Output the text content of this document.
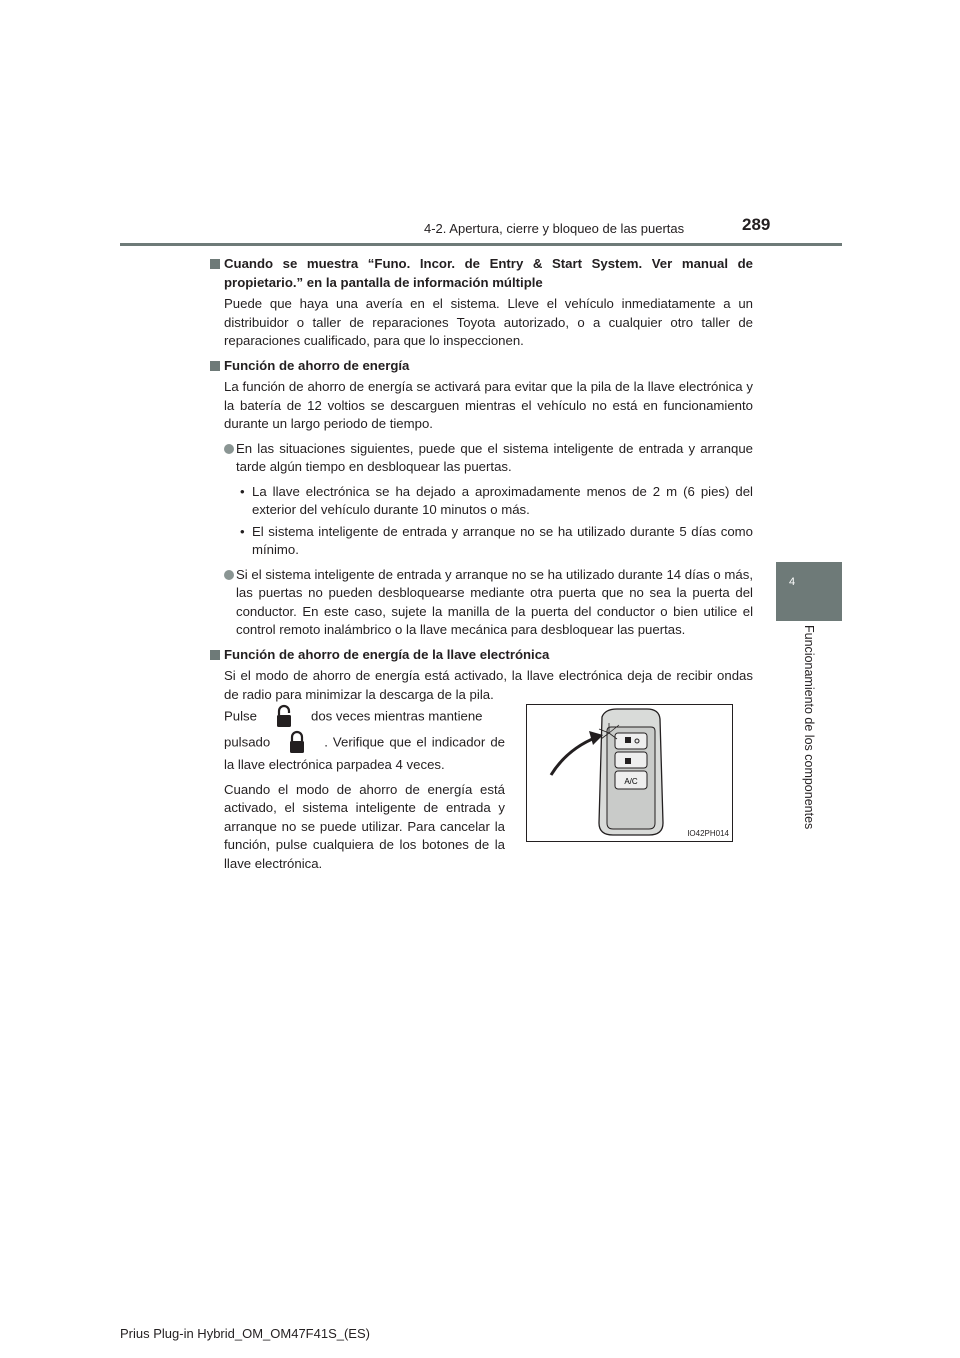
4-2. Apertura, cierre y bloqueo de las puertas	289
4
Funcionamiento de los componentes

Cuando se muestra “Funo. Incor. de Entry & Start System. Ver manual de propietario.” en la pantalla de información múltiple

Puede que haya una avería en el sistema. Lleve el vehículo inmediatamente a un distribuidor o taller de reparaciones Toyota autorizado, o a cualquier otro taller de reparaciones cualificado, para que lo inspeccionen.

Función de ahorro de energía

La función de ahorro de energía se activará para evitar que la pila de la llave electrónica y la batería de 12 voltios se descarguen mientras el vehículo no está en funcionamiento durante un largo periodo de tiempo.

En las situaciones siguientes, puede que el sistema inteligente de entrada y arranque tarde algún tiempo en desbloquear las puertas.

• La llave electrónica se ha dejado a aproximadamente menos de 2 m (6 pies) del exterior del vehículo durante 10 minutos o más.

• El sistema inteligente de entrada y arranque no se ha utilizado durante 5 días como mínimo.

Si el sistema inteligente de entrada y arranque no se ha utilizado durante 14 días o más, las puertas no pueden desbloquearse mediante otra puerta que no sea la puerta del conductor. En este caso, sujete la manilla de la puerta del conductor o bien utilice el control remoto inalámbrico o la llave mecánica para desbloquear las puertas.

Función de ahorro de energía de la llave electrónica

Si el modo de ahorro de energía está activado, la llave electrónica deja de recibir ondas de radio para minimizar la descarga de la pila.

Pulse	dos veces mientras mantiene
pulsado	. Verifique que el indicador de la llave electrónica parpadea 4 veces.

Cuando el modo de ahorro de energía está activado, el sistema inteligente de entrada y arranque no se puede utilizar. Para cancelar la función, pulse cualquiera de los botones de la llave electrónica.

A/C
IO42PH014
Prius Plug-in Hybrid_OM_OM47F41S_(ES)
